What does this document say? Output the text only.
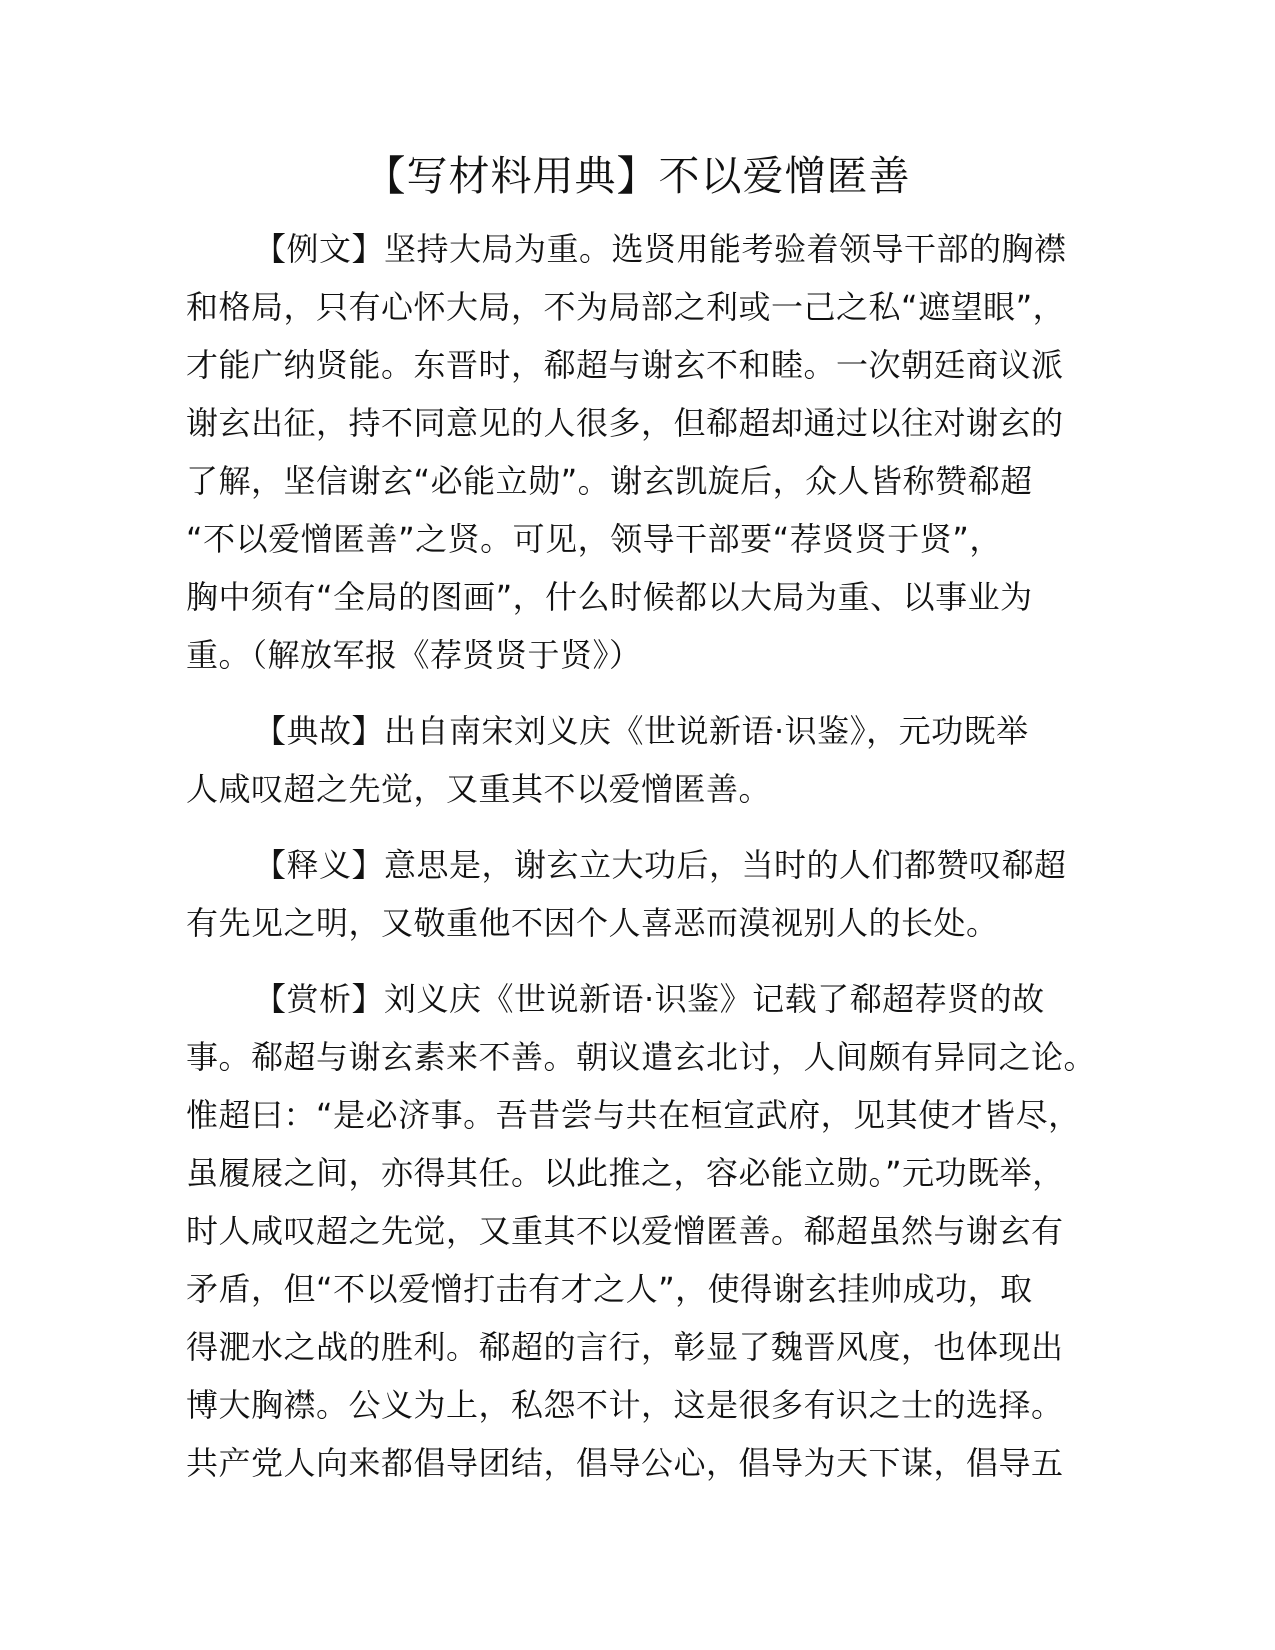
【写材料用典】不以爱憎匿善
【例文】坚持大局为重。选贤用能考验着领导干部的胸襟
和格局，只有心怀大局，不为局部之利或一己之私“遮望眼”，
才能广纳贤能。东晋时，郗超与谢玄不和睦。一次朝廷商议派
谢玄出征，持不同意见的人很多，但郗超却通过以往对谢玄的
了解，坚信谢玄“必能立勋”。谢玄凯旋后，众人皆称赞郗超
“不以爱憎匿善”之贤。可见，领导干部要“荐贤贤于贤”，
胸中须有“全局的图画”，什么时候都以大局为重、以事业为
重。（解放军报《荐贤贤于贤》）
【典故】出自南宋刘义庆《世说新语·识鉴》，元功既举
人咸叹超之先觉，又重其不以爱憎匿善。
【释义】意思是，谢玄立大功后，当时的人们都赞叹郗超
有先见之明，又敬重他不因个人喜恶而漠视别人的长处。
【赏析】刘义庆《世说新语·识鉴》记载了郗超荐贤的故
事。郗超与谢玄素来不善。朝议遣玄北讨，人间颇有异同之论。
惟超曰：“是必济事。吾昔尝与共在桓宣武府，见其使才皆尽，
虽履屐之间，亦得其任。以此推之，容必能立勋。”元功既举，
时人咸叹超之先觉，又重其不以爱憎匿善。郗超虽然与谢玄有
矛盾，但“不以爱憎打击有才之人”，使得谢玄挂帅成功，取
得淝水之战的胜利。郗超的言行，彰显了魏晋风度，也体现出
博大胸襟。公义为上，私怨不计，这是很多有识之士的选择。
共产党人向来都倡导团结，倡导公心，倡导为天下谋，倡导五
